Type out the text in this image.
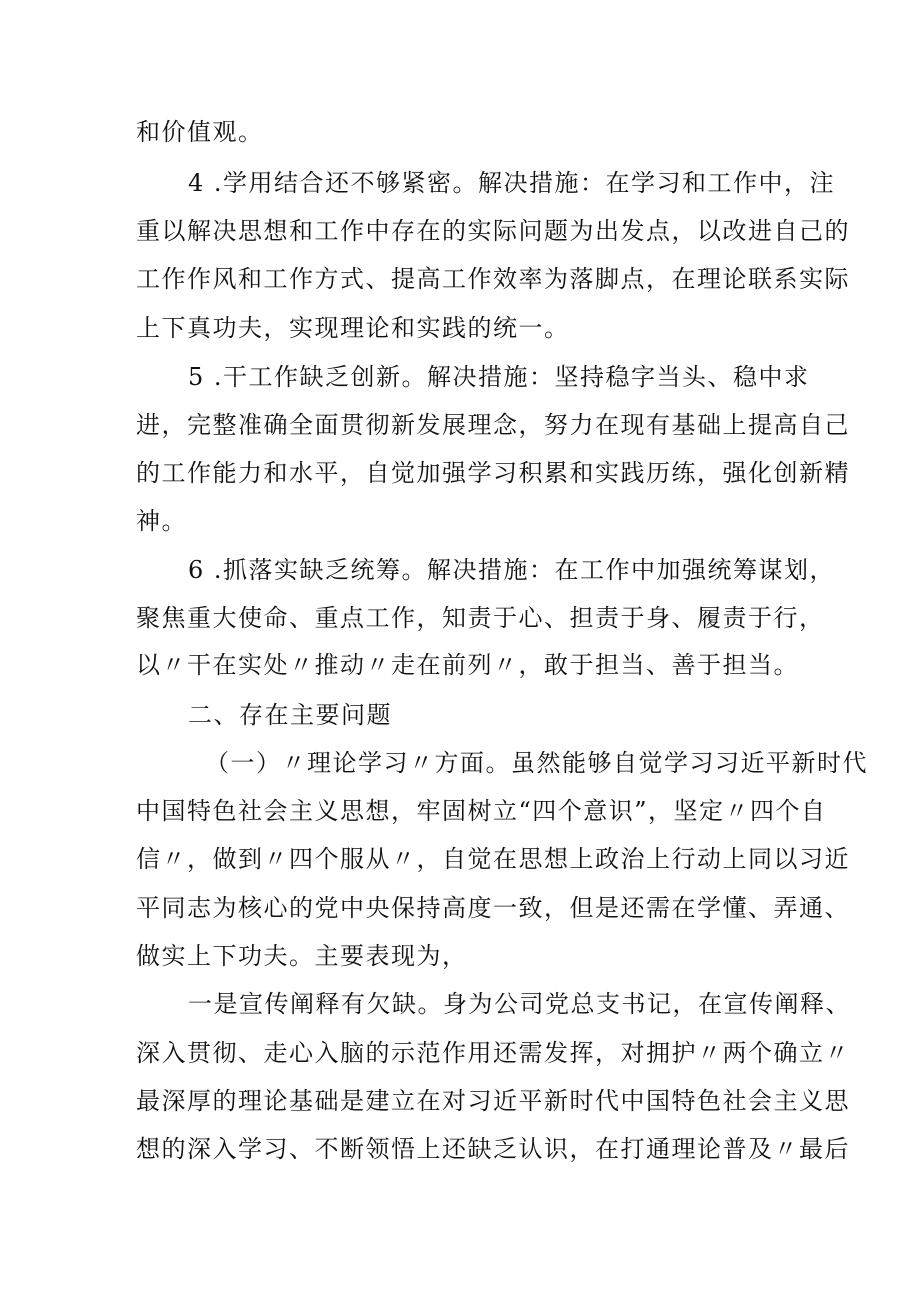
和价值观。

4 .学用结合还不够紧密。解决措施：在学习和工作中，注

重以解决思想和工作中存在的实际问题为出发点，以改进自己的

工作作风和工作方式、提高工作效率为落脚点，在理论联系实际

上下真功夫，实现理论和实践的统一。

5 .干工作缺乏创新。解决措施：坚持稳字当头、稳中求

进，完整准确全面贯彻新发展理念，努力在现有基础上提高自己

的工作能力和水平，自觉加强学习积累和实践历练，强化创新精

神。

6 .抓落实缺乏统筹。解决措施：在工作中加强统筹谋划，

聚焦重大使命、重点工作，知责于心、担责于身、履责于行，

以〃干在实处〃推动〃走在前列〃，敢于担当、善于担当。

二、存在主要问题

（一）〃理论学习〃方面。虽然能够自觉学习习近平新时代

中国特色社会主义思想，牢固树立“四个意识”，坚定〃四个自

信〃，做到〃四个服从〃，自觉在思想上政治上行动上同以习近

平同志为核心的党中央保持高度一致，但是还需在学懂、弄通、

做实上下功夫。主要表现为，

一是宣传阐释有欠缺。身为公司党总支书记，在宣传阐释、

深入贯彻、走心入脑的示范作用还需发挥，对拥护〃两个确立〃

最深厚的理论基础是建立在对习近平新时代中国特色社会主义思

想的深入学习、不断领悟上还缺乏认识，在打通理论普及〃最后
